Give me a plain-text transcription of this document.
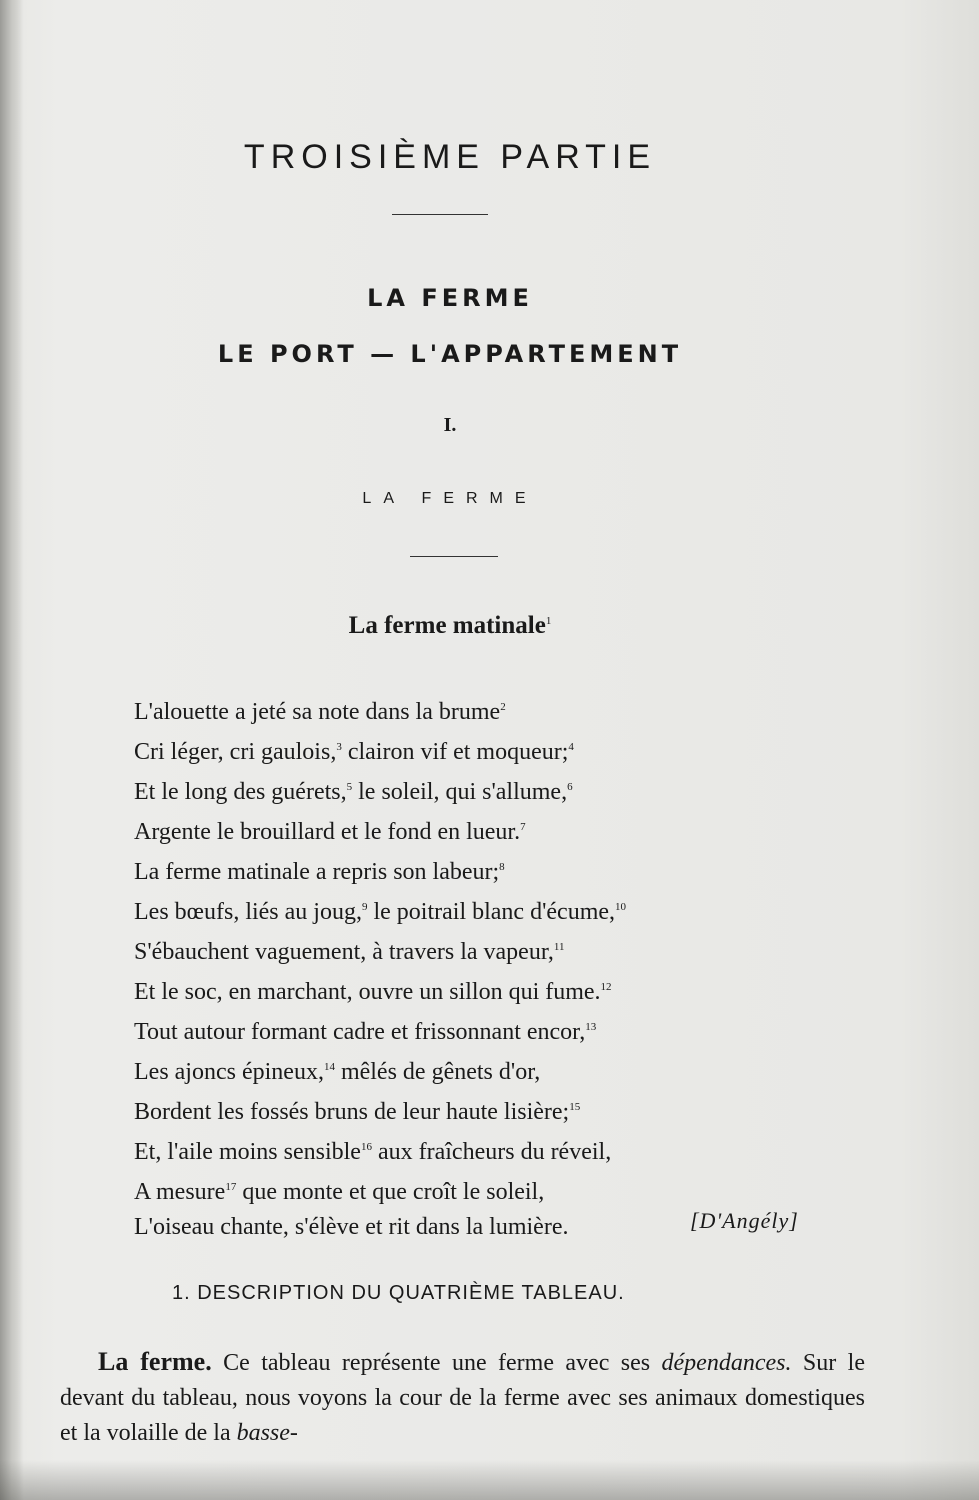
TROISIÈME PARTIE
LA FERME
LE PORT — L'APPARTEMENT
I.
LA FERME
La ferme matinale$^1$
L'alouette a jeté sa note dans la brume$^2$
Cri léger, cri gaulois,$^3$ clairon vif et moqueur;$^4$
Et le long des guérets,$^5$ le soleil, qui s'allume,$^6$
Argente le brouillard et le fond en lueur.$^7$
La ferme matinale a repris son labeur;$^8$
Les bœufs, liés au joug,$^9$ le poitrail blanc d'écume,$^{10}$
S'ébauchent vaguement, à travers la vapeur,$^{11}$
Et le soc, en marchant, ouvre un sillon qui fume.$^{12}$
Tout autour formant cadre et frissonnant encor,$^{13}$
Les ajoncs épineux,$^{14}$ mêlés de gênets d'or,
Bordent les fossés bruns de leur haute lisière;$^{15}$
Et, l'aile moins sensible$^{16}$ aux fraîcheurs du réveil,
A mesure$^{17}$ que monte et que croît le soleil,
L'oiseau chante, s'élève et rit dans la lumière.	[D'Angély]
1. DESCRIPTION DU QUATRIÈME TABLEAU.
La ferme. Ce tableau représente une ferme avec ses dépendances. Sur le devant du tableau, nous voyons la cour de la ferme avec ses animaux domestiques et la volaille de la basse-
